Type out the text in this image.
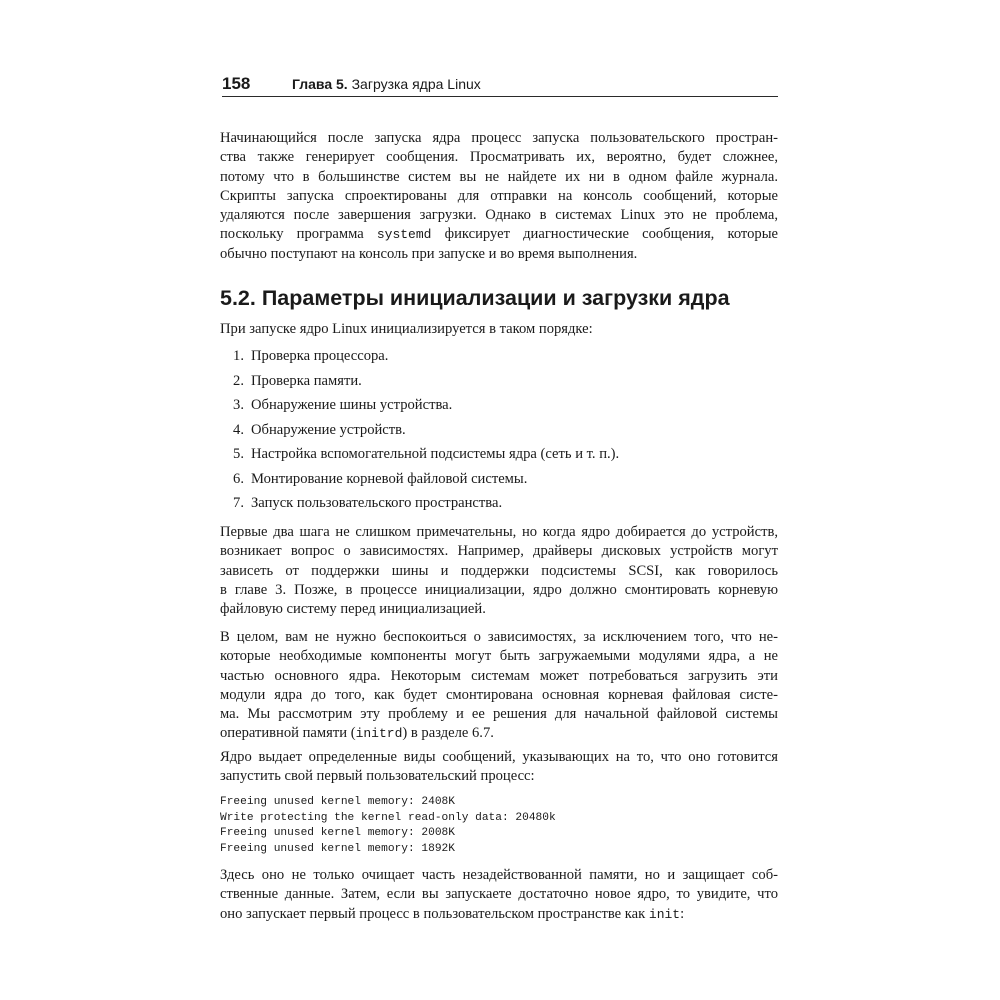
158	Глава 5. Загрузка ядра Linux

Начинающийся после запуска ядра процесс запуска пользовательского простран-
ства также генерирует сообщения. Просматривать их, вероятно, будет сложнее,
потому что в большинстве систем вы не найдете их ни в одном файле журнала.
Скрипты запуска спроектированы для отправки на консоль сообщений, которые
удаляются после завершения загрузки. Однако в системах Linux это не проблема,
поскольку программа systemd фиксирует диагностические сообщения, которые
обычно поступают на консоль при запуске и во время выполнения.

5.2. Параметры инициализации и загрузки ядра

При запуске ядро Linux инициализируется в таком порядке:

1. Проверка процессора.
2. Проверка памяти.
3. Обнаружение шины устройства.
4. Обнаружение устройств.
5. Настройка вспомогательной подсистемы ядра (сеть и т. п.).
6. Монтирование корневой файловой системы.
7. Запуск пользовательского пространства.

Первые два шага не слишком примечательны, но когда ядро добирается до устройств,
возникает вопрос о зависимостях. Например, драйверы дисковых устройств могут
зависеть от поддержки шины и поддержки подсистемы SCSI, как говорилось
в главе 3. Позже, в процессе инициализации, ядро должно смонтировать корневую
файловую систему перед инициализацией.

В целом, вам не нужно беспокоиться о зависимостях, за исключением того, что не-
которые необходимые компоненты могут быть загружаемыми модулями ядра, а не
частью основного ядра. Некоторым системам может потребоваться загрузить эти
модули ядра до того, как будет смонтирована основная корневая файловая систе-
ма. Мы рассмотрим эту проблему и ее решения для начальной файловой системы
оперативной памяти (initrd) в разделе 6.7.

Ядро выдает определенные виды сообщений, указывающих на то, что оно готовится
запустить свой первый пользовательский процесс:

Freeing unused kernel memory: 2408K
Write protecting the kernel read-only data: 20480k
Freeing unused kernel memory: 2008K
Freeing unused kernel memory: 1892K

Здесь оно не только очищает часть незадействованной памяти, но и защищает соб-
ственные данные. Затем, если вы запускаете достаточно новое ядро, то увидите, что
оно запускает первый процесс в пользовательском пространстве как init:
